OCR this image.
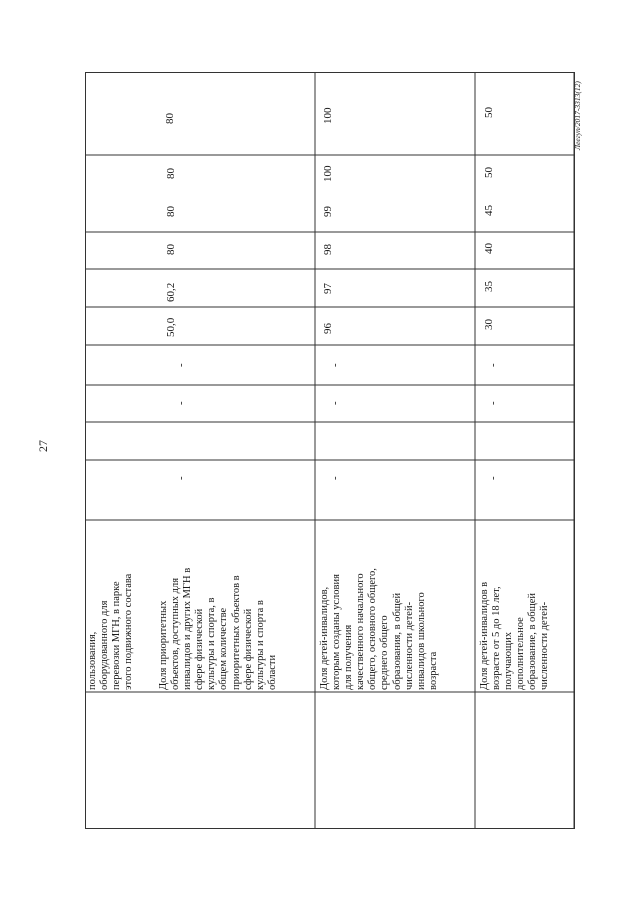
27
Леегуп/2017-3313(12)
пользования,
оборудованного для
перевозки МГН, в парке
этого подвижного состава
80
Доля приоритетных
объектов, доступных для
инвалидов и других МГН в
сфере физической
культуры и спорта, в
общем количестве
приоритетных объектов в
сфере физической
культуры и спорта в
области
-
-
-
50,0
60,2
80
80
80
Доля детей-инвалидов,
которым созданы условия
для получения
качественного начального
общего, основного общего,
среднего общего
образования, в общей
численности детей-
инвалидов школьного
возраста
100
-
-
-
96
97
98
99
100
Доля детей-инвалидов в
возрасте от 5 до 18 лет,
получающих
дополнительное
образование, в общей
численности детей-
50
-
-
-
30
35
40
45
50
